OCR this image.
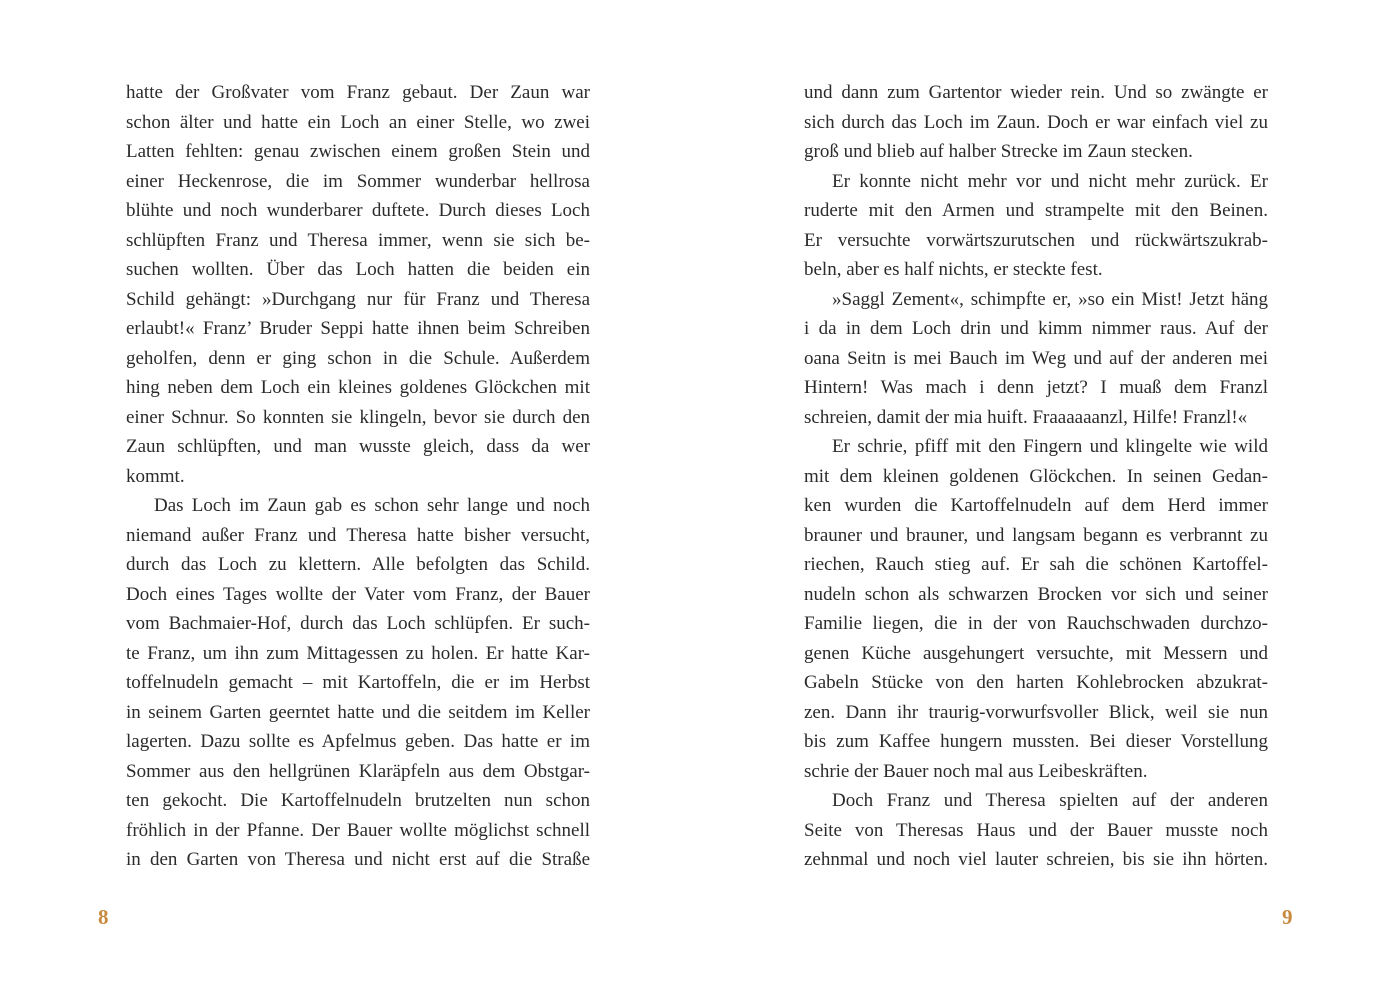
hatte der Großvater vom Franz gebaut. Der Zaun war
schon älter und hatte ein Loch an einer Stelle, wo zwei
Latten fehlten: genau zwischen einem großen Stein und
einer Heckenrose, die im Sommer wunderbar hellrosa
blühte und noch wunderbarer duftete. Durch dieses Loch
schlüpften Franz und Theresa immer, wenn sie sich be-
suchen wollten. Über das Loch hatten die beiden ein
Schild gehängt: »Durchgang nur für Franz und Theresa
erlaubt!« Franz’ Bruder Seppi hatte ihnen beim Schreiben
geholfen, denn er ging schon in die Schule. Außerdem
hing neben dem Loch ein kleines goldenes Glöckchen mit
einer Schnur. So konnten sie klingeln, bevor sie durch den
Zaun schlüpften, und man wusste gleich, dass da wer
kommt.
Das Loch im Zaun gab es schon sehr lange und noch
niemand außer Franz und Theresa hatte bisher versucht,
durch das Loch zu klettern. Alle befolgten das Schild.
Doch eines Tages wollte der Vater vom Franz, der Bauer
vom Bachmaier-Hof, durch das Loch schlüpfen. Er such-
te Franz, um ihn zum Mittagessen zu holen. Er hatte Kar-
toffelnudeln gemacht – mit Kartoffeln, die er im Herbst
in seinem Garten geerntet hatte und die seitdem im Keller
lagerten. Dazu sollte es Apfelmus geben. Das hatte er im
Sommer aus den hellgrünen Klaräpfeln aus dem Obstgar-
ten gekocht. Die Kartoffelnudeln brutzelten nun schon
fröhlich in der Pfanne. Der Bauer wollte möglichst schnell
in den Garten von Theresa und nicht erst auf die Straße
8
und dann zum Gartentor wieder rein. Und so zwängte er
sich durch das Loch im Zaun. Doch er war einfach viel zu
groß und blieb auf halber Strecke im Zaun stecken.
Er konnte nicht mehr vor und nicht mehr zurück. Er
ruderte mit den Armen und strampelte mit den Beinen.
Er versuchte vorwärtszurutschen und rückwärtszukrab-
beln, aber es half nichts, er steckte fest.
»Saggl Zement«, schimpfte er, »so ein Mist! Jetzt häng
i da in dem Loch drin und kimm nimmer raus. Auf der
oana Seitn is mei Bauch im Weg und auf der anderen mei
Hintern! Was mach i denn jetzt? I muaß dem Franzl
schreien, damit der mia huift. Fraaaaaanzl, Hilfe! Franzl!«
Er schrie, pfiff mit den Fingern und klingelte wie wild
mit dem kleinen goldenen Glöckchen. In seinen Gedan-
ken wurden die Kartoffelnudeln auf dem Herd immer
brauner und brauner, und langsam begann es verbrannt zu
riechen, Rauch stieg auf. Er sah die schönen Kartoffel-
nudeln schon als schwarzen Brocken vor sich und seiner
Familie liegen, die in der von Rauchschwaden durchzo-
genen Küche ausgehungert versuchte, mit Messern und
Gabeln Stücke von den harten Kohlebrocken abzukrat-
zen. Dann ihr traurig-vorwurfsvoller Blick, weil sie nun
bis zum Kaffee hungern mussten. Bei dieser Vorstellung
schrie der Bauer noch mal aus Leibeskräften.
Doch Franz und Theresa spielten auf der anderen
Seite von Theresas Haus und der Bauer musste noch
zehnmal und noch viel lauter schreien, bis sie ihn hörten.
9
